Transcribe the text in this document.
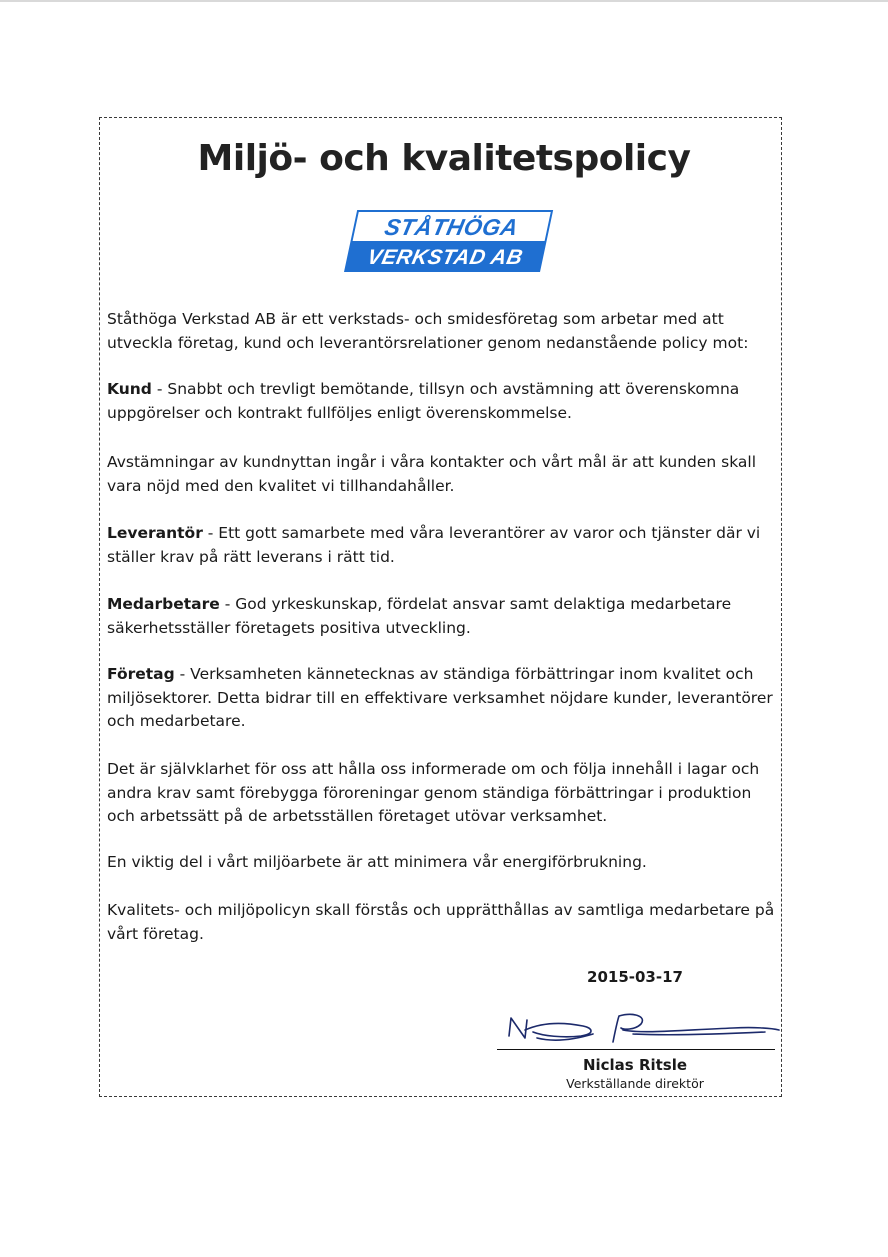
Miljö- och kvalitetspolicy
STÅTHÖGA
VERKSTAD AB

Ståthöga Verkstad AB är ett verkstads- och smidesföretag som arbetar med att utveckla företag, kund och leverantörsrelationer genom nedanstående policy mot:

Kund - Snabbt och trevligt bemötande, tillsyn och avstämning att överenskomna uppgörelser och kontrakt fullföljes enligt överenskommelse.

Avstämningar av kundnyttan ingår i våra kontakter och vårt mål är att kunden skall vara nöjd med den kvalitet vi tillhandahåller.

Leverantör - Ett gott samarbete med våra leverantörer av varor och tjänster där vi ställer krav på rätt leverans i rätt tid.

Medarbetare - God yrkeskunskap, fördelat ansvar samt delaktiga medarbetare säkerhetsställer företagets positiva utveckling.

Företag - Verksamheten kännetecknas av ständiga förbättringar inom kvalitet och miljösektorer. Detta bidrar till en effektivare verksamhet nöjdare kunder, leverantörer och medarbetare.

Det är självklarhet för oss att hålla oss informerade om och följa innehåll i lagar och andra krav samt förebygga föroreningar genom ständiga förbättringar i produktion och arbetssätt på de arbetsställen företaget utövar verksamhet.

En viktig del i vårt miljöarbete är att minimera vår energiförbrukning.

Kvalitets- och miljöpolicyn skall förstås och upprätthållas av samtliga medarbetare på vårt företag.

2015-03-17
Niclas Ritsle
Verkställande direktör
